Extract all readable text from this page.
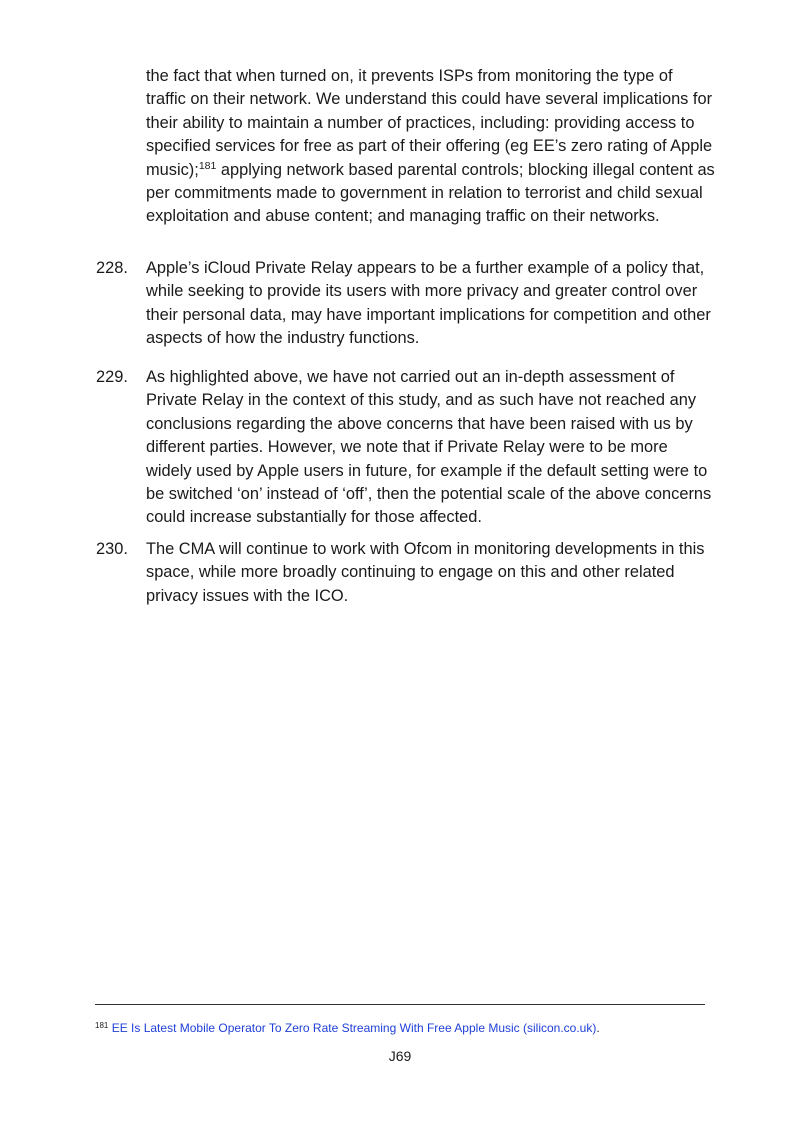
the fact that when turned on, it prevents ISPs from monitoring the type of traffic on their network. We understand this could have several implications for their ability to maintain a number of practices, including: providing access to specified services for free as part of their offering (eg EE’s zero rating of Apple music);$^{181}$ applying network based parental controls; blocking illegal content as per commitments made to government in relation to terrorist and child sexual exploitation and abuse content; and managing traffic on their networks.

228.	Apple’s iCloud Private Relay appears to be a further example of a policy that, while seeking to provide its users with more privacy and greater control over their personal data, may have important implications for competition and other aspects of how the industry functions.

229.	As highlighted above, we have not carried out an in-depth assessment of Private Relay in the context of this study, and as such have not reached any conclusions regarding the above concerns that have been raised with us by different parties. However, we note that if Private Relay were to be more widely used by Apple users in future, for example if the default setting were to be switched ‘on’ instead of ‘off’, then the potential scale of the above concerns could increase substantially for those affected.

230.	The CMA will continue to work with Ofcom in monitoring developments in this space, while more broadly continuing to engage on this and other related privacy issues with the ICO.

$^{181}$ EE Is Latest Mobile Operator To Zero Rate Streaming With Free Apple Music (silicon.co.uk).
J69
